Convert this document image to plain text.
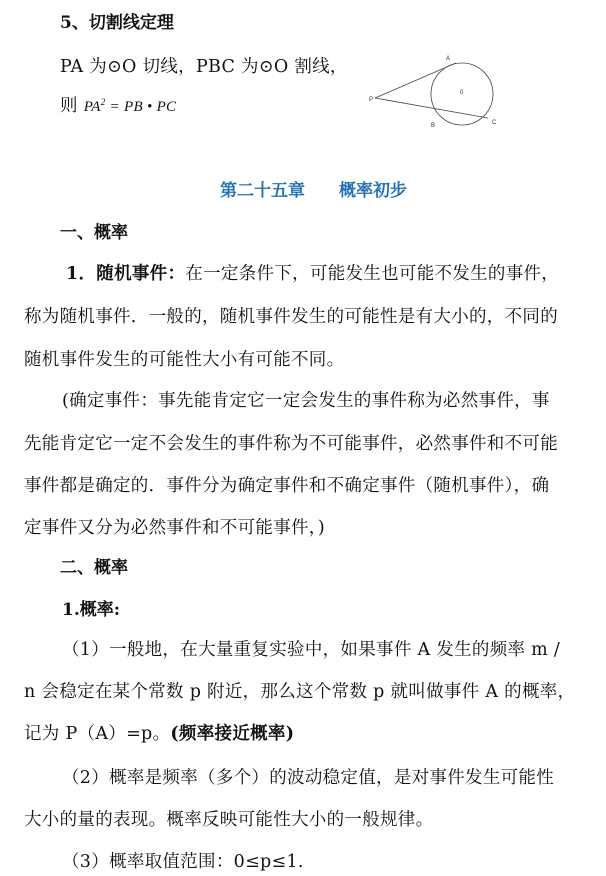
5、切割线定理
PA 为⊙O 切线，PBC 为⊙O 割线，
则 $PA^2$ = PB • PC	P
A
B	C
0
第二十五章　　概率初步
一、概率
1．随机事件：在一定条件下，可能发生也可能不发生的事件，
称为随机事件．一般的，随机事件发生的可能性是有大小的，不同的
随机事件发生的可能性大小有可能不同。
(确定事件：事先能肯定它一定会发生的事件称为必然事件，事
先能肯定它一定不会发生的事件称为不可能事件，必然事件和不可能
事件都是确定的．事件分为确定事件和不确定事件（随机事件），确
定事件又分为必然事件和不可能事件，)
二、概率
1.概率:
（1）一般地，在大量重复实验中，如果事件 A 发生的频率 m /
n 会稳定在某个常数 p 附近，那么这个常数 p 就叫做事件 A 的概率，
记为 P（A）=p。(频率接近概率)
（2）概率是频率（多个）的波动稳定值，是对事件发生可能性
大小的量的表现。概率反映可能性大小的一般规律。
（3）概率取值范围：0≤p≤1.
